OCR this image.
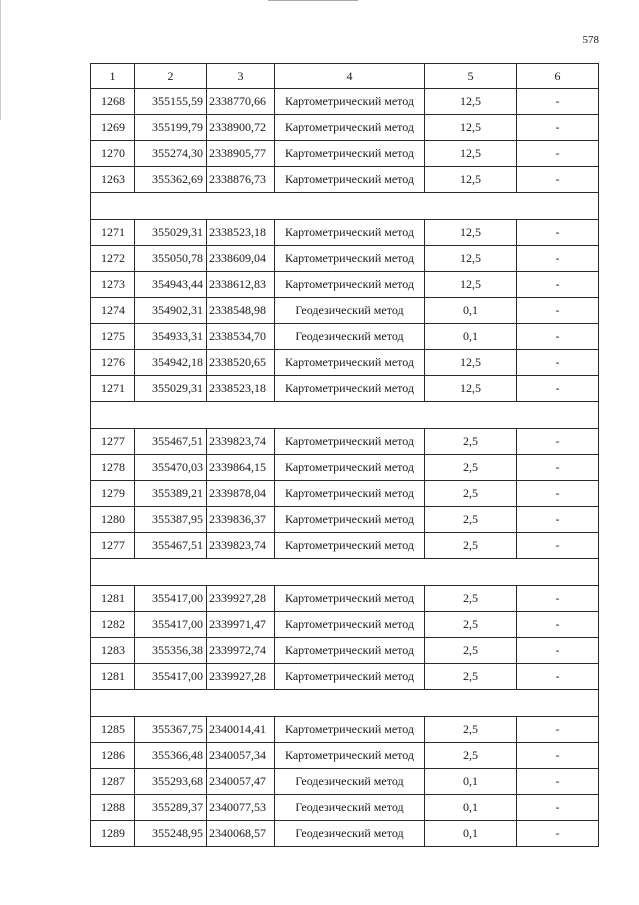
578
1	2	3	4	5	6
1268	355155,59	2338770,66	Картометрический метод	12,5	-
1269	355199,79	2338900,72	Картометрический метод	12,5	-
1270	355274,30	2338905,77	Картометрический метод	12,5	-
1263	355362,69	2338876,73	Картометрический метод	12,5	-

1271	355029,31	2338523,18	Картометрический метод	12,5	-
1272	355050,78	2338609,04	Картометрический метод	12,5	-
1273	354943,44	2338612,83	Картометрический метод	12,5	-
1274	354902,31	2338548,98	Геодезический метод	0,1	-
1275	354933,31	2338534,70	Геодезический метод	0,1	-
1276	354942,18	2338520,65	Картометрический метод	12,5	-
1271	355029,31	2338523,18	Картометрический метод	12,5	-

1277	355467,51	2339823,74	Картометрический метод	2,5	-
1278	355470,03	2339864,15	Картометрический метод	2,5	-
1279	355389,21	2339878,04	Картометрический метод	2,5	-
1280	355387,95	2339836,37	Картометрический метод	2,5	-
1277	355467,51	2339823,74	Картометрический метод	2,5	-

1281	355417,00	2339927,28	Картометрический метод	2,5	-
1282	355417,00	2339971,47	Картометрический метод	2,5	-
1283	355356,38	2339972,74	Картометрический метод	2,5	-
1281	355417,00	2339927,28	Картометрический метод	2,5	-

1285	355367,75	2340014,41	Картометрический метод	2,5	-
1286	355366,48	2340057,34	Картометрический метод	2,5	-
1287	355293,68	2340057,47	Геодезический метод	0,1	-
1288	355289,37	2340077,53	Геодезический метод	0,1	-
1289	355248,95	2340068,57	Геодезический метод	0,1	-
